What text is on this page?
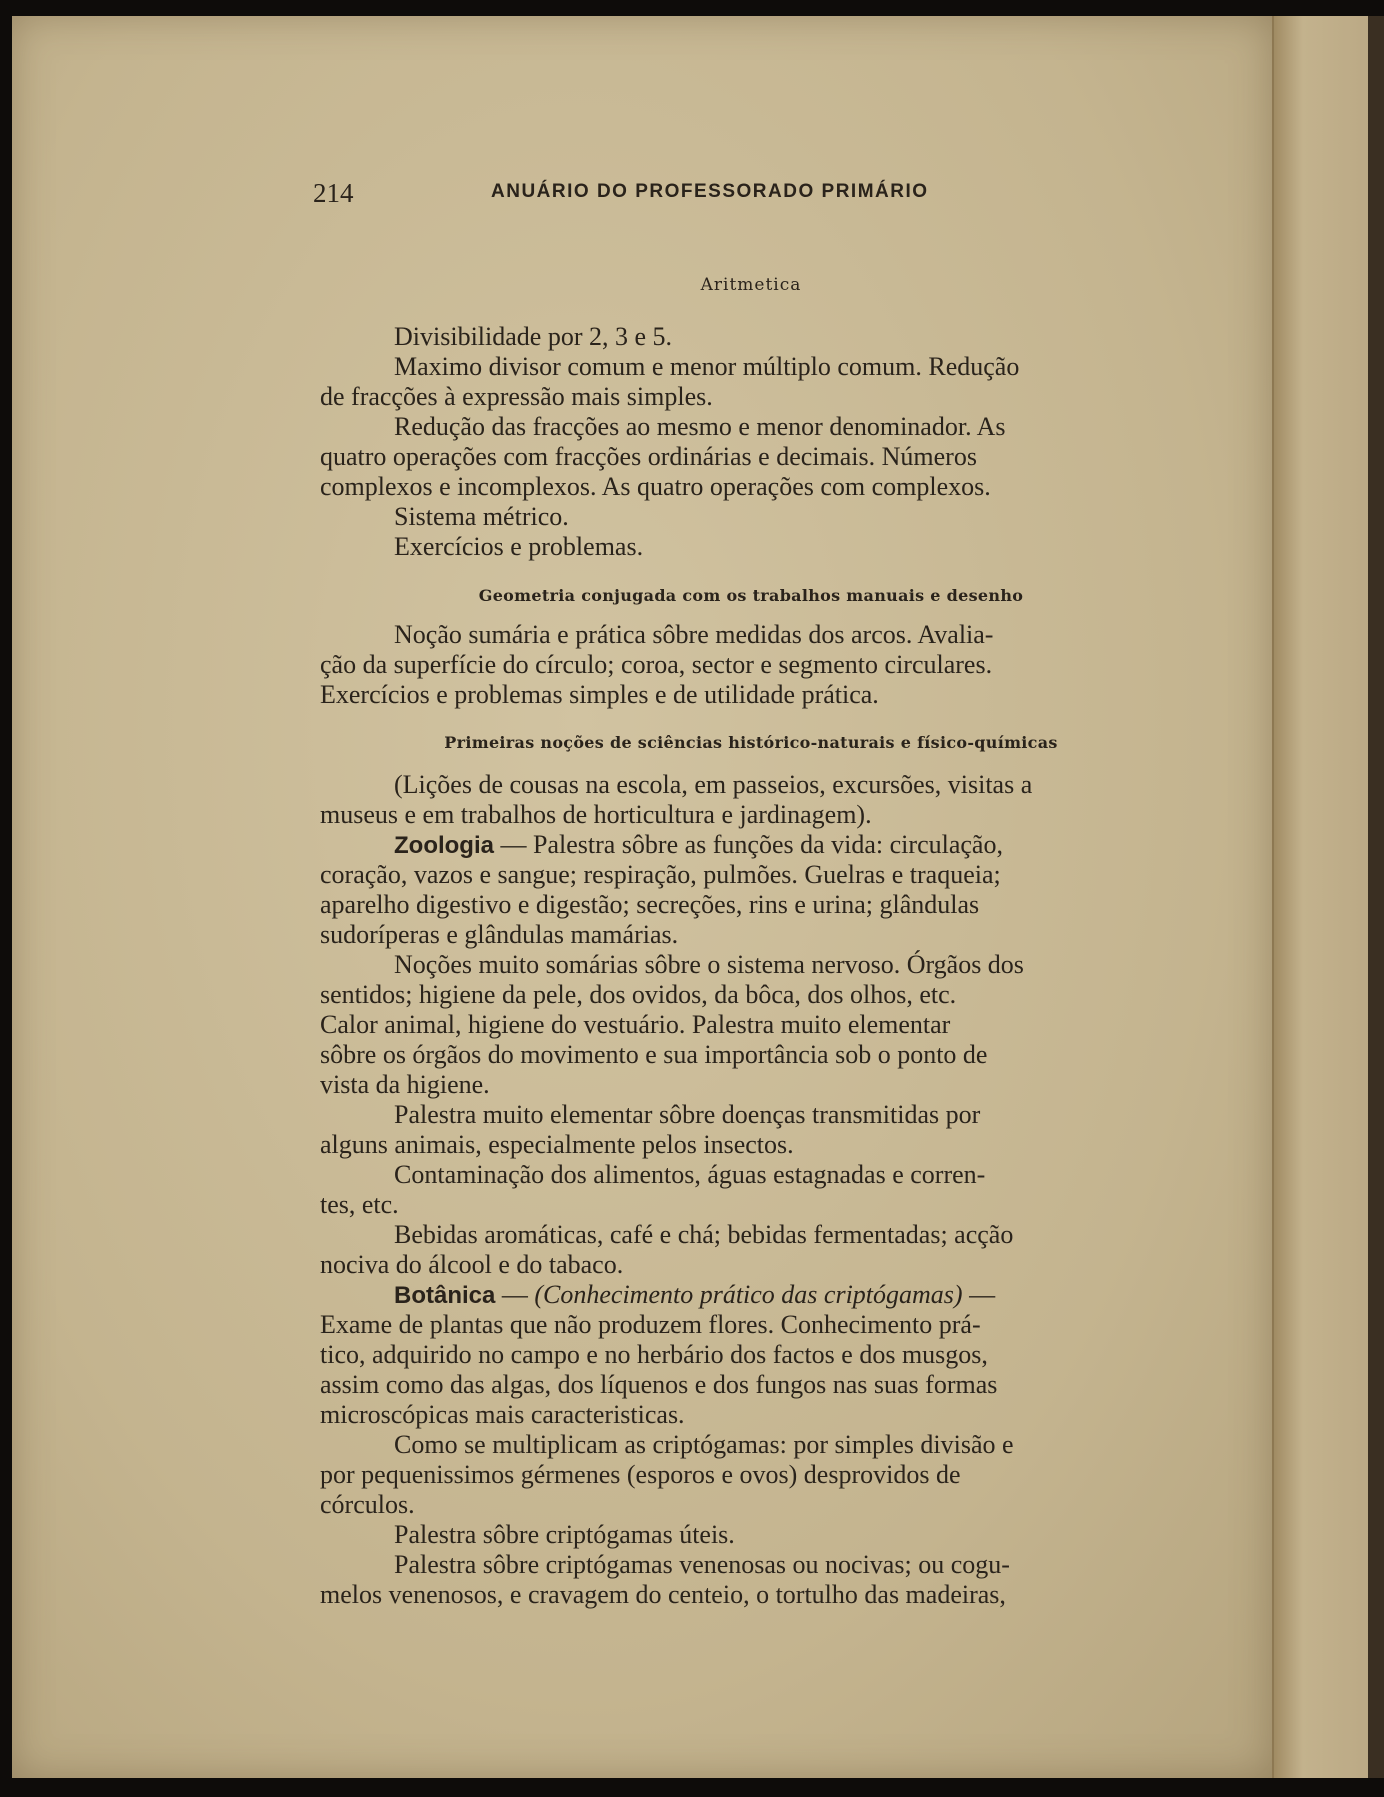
214	ANUÁRIO DO PROFESSORADO PRIMÁRIO
Aritmetica
Divisibilidade por 2, 3 e 5.
Maximo divisor comum e menor múltiplo comum. Redução
de fracções à expressão mais simples.
Redução das fracções ao mesmo e menor denominador. As
quatro operações com fracções ordinárias e decimais. Números
complexos e incomplexos. As quatro operações com complexos.
Sistema métrico.
Exercícios e problemas.
Geometria conjugada com os trabalhos manuais e desenho
Noção sumária e prática sôbre medidas dos arcos. Avalia-
ção da superfície do círculo; coroa, sector e segmento circulares.
Exercícios e problemas simples e de utilidade prática.
Primeiras noções de sciências histórico-naturais e físico-químicas
(Lições de cousas na escola, em passeios, excursões, visitas a
museus e em trabalhos de horticultura e jardinagem).
Zoologia — Palestra sôbre as funções da vida: circulação,
coração, vazos e sangue; respiração, pulmões. Guelras e traqueia;
aparelho digestivo e digestão; secreções, rins e urina; glândulas
sudoríperas e glândulas mamárias.
Noções muito somárias sôbre o sistema nervoso. Órgãos dos
sentidos; higiene da pele, dos ovidos, da bôca, dos olhos, etc.
Calor animal, higiene do vestuário. Palestra muito elementar
sôbre os órgãos do movimento e sua importância sob o ponto de
vista da higiene.
Palestra muito elementar sôbre doenças transmitidas por
alguns animais, especialmente pelos insectos.
Contaminação dos alimentos, águas estagnadas e corren-
tes, etc.
Bebidas aromáticas, café e chá; bebidas fermentadas; acção
nociva do álcool e do tabaco.
Botânica — (Conhecimento prático das criptógamas) —
Exame de plantas que não produzem flores. Conhecimento prá-
tico, adquirido no campo e no herbário dos factos e dos musgos,
assim como das algas, dos líquenos e dos fungos nas suas formas
microscópicas mais caracteristicas.
Como se multiplicam as criptógamas: por simples divisão e
por pequenissimos gérmenes (esporos e ovos) desprovidos de
córculos.
Palestra sôbre criptógamas úteis.
Palestra sôbre criptógamas venenosas ou nocivas; ou cogu-
melos venenosos, e cravagem do centeio, o tortulho das madeiras,
